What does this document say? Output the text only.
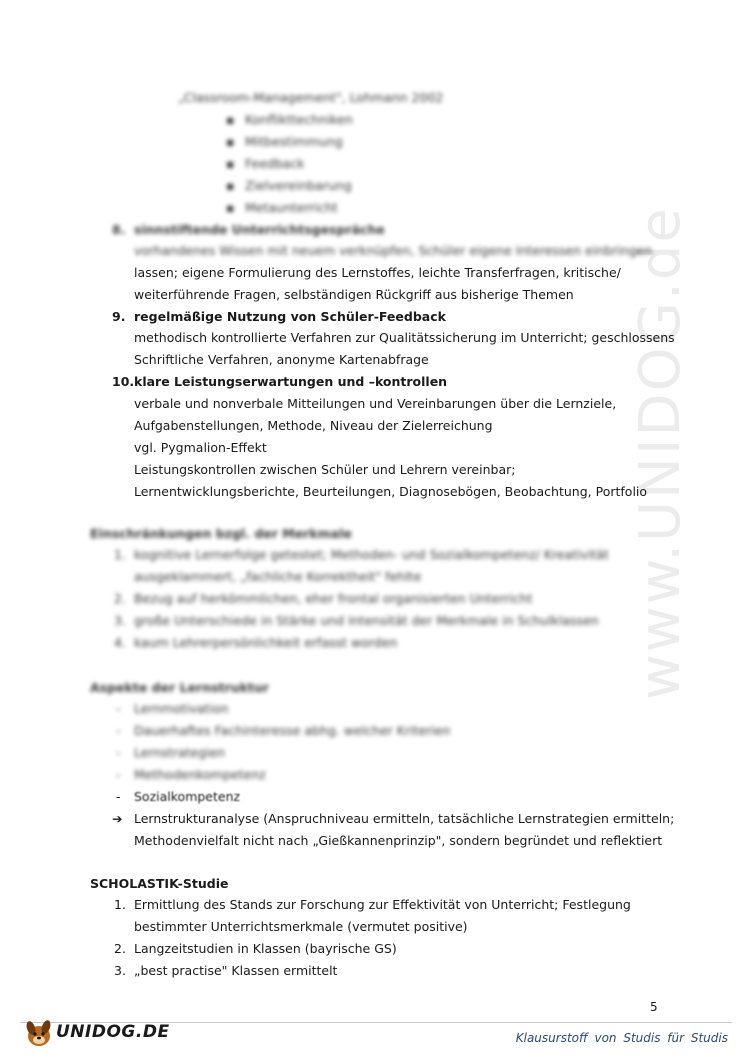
www.UNIDOG.de
„Classroom-Management", Lohmann 2002
▪ Konflikttechniken
▪ Mitbestimmung
▪ Feedback
▪ Zielvereinbarung
▪ Metaunterricht
8. sinnstiftende Unterrichtsgespräche
vorhandenes Wissen mit neuem verknüpfen, Schüler eigene Interessen einbringen
lassen; eigene Formulierung des Lernstoffes, leichte Transferfragen, kritische/
weiterführende Fragen, selbständigen Rückgriff aus bisherige Themen
9. regelmäßige Nutzung von Schüler-Feedback
methodisch kontrollierte Verfahren zur Qualitätssicherung im Unterricht; geschlossens
Schriftliche Verfahren, anonyme Kartenabfrage
10. klare Leistungserwartungen und –kontrollen
verbale und nonverbale Mitteilungen und Vereinbarungen über die Lernziele,
Aufgabenstellungen, Methode, Niveau der Zielerreichung
vgl. Pygmalion-Effekt
Leistungskontrollen zwischen Schüler und Lehrern vereinbar;
Lernentwicklungsberichte, Beurteilungen, Diagnosebögen, Beobachtung, Portfolio
Einschränkungen bzgl. der Merkmale
1. kognitive Lernerfolge getestet; Methoden- und Sozialkompetenz/ Kreativität
ausgeklammert, „fachliche Korrektheit" fehlte
2. Bezug auf herkömmlichen, eher frontal organisierten Unterricht
3. große Unterschiede in Stärke und Intensität der Merkmale in Schulklassen
4. kaum Lehrerpersönlichkeit erfasst worden
Aspekte der Lernstruktur
- Lernmotivation
- Dauerhaftes Fachinteresse abhg. welcher Kriterien
- Lernstrategien
- Methodenkompetenz
- Sozialkompetenz
➔ Lernstrukturanalyse (Anspruchniveau ermitteln, tatsächliche Lernstrategien ermitteln;
Methodenvielfalt nicht nach „Gießkannenprinzip", sondern begründet und reflektiert
SCHOLASTIK-Studie
1. Ermittlung des Stands zur Forschung zur Effektivität von Unterricht; Festlegung
bestimmter Unterrichtsmerkmale (vermutet positive)
2. Langzeitstudien in Klassen (bayrische GS)
3. „best practise" Klassen ermittelt
5
UNIDOG.DE	Klausurstoff von Studis für Studis
